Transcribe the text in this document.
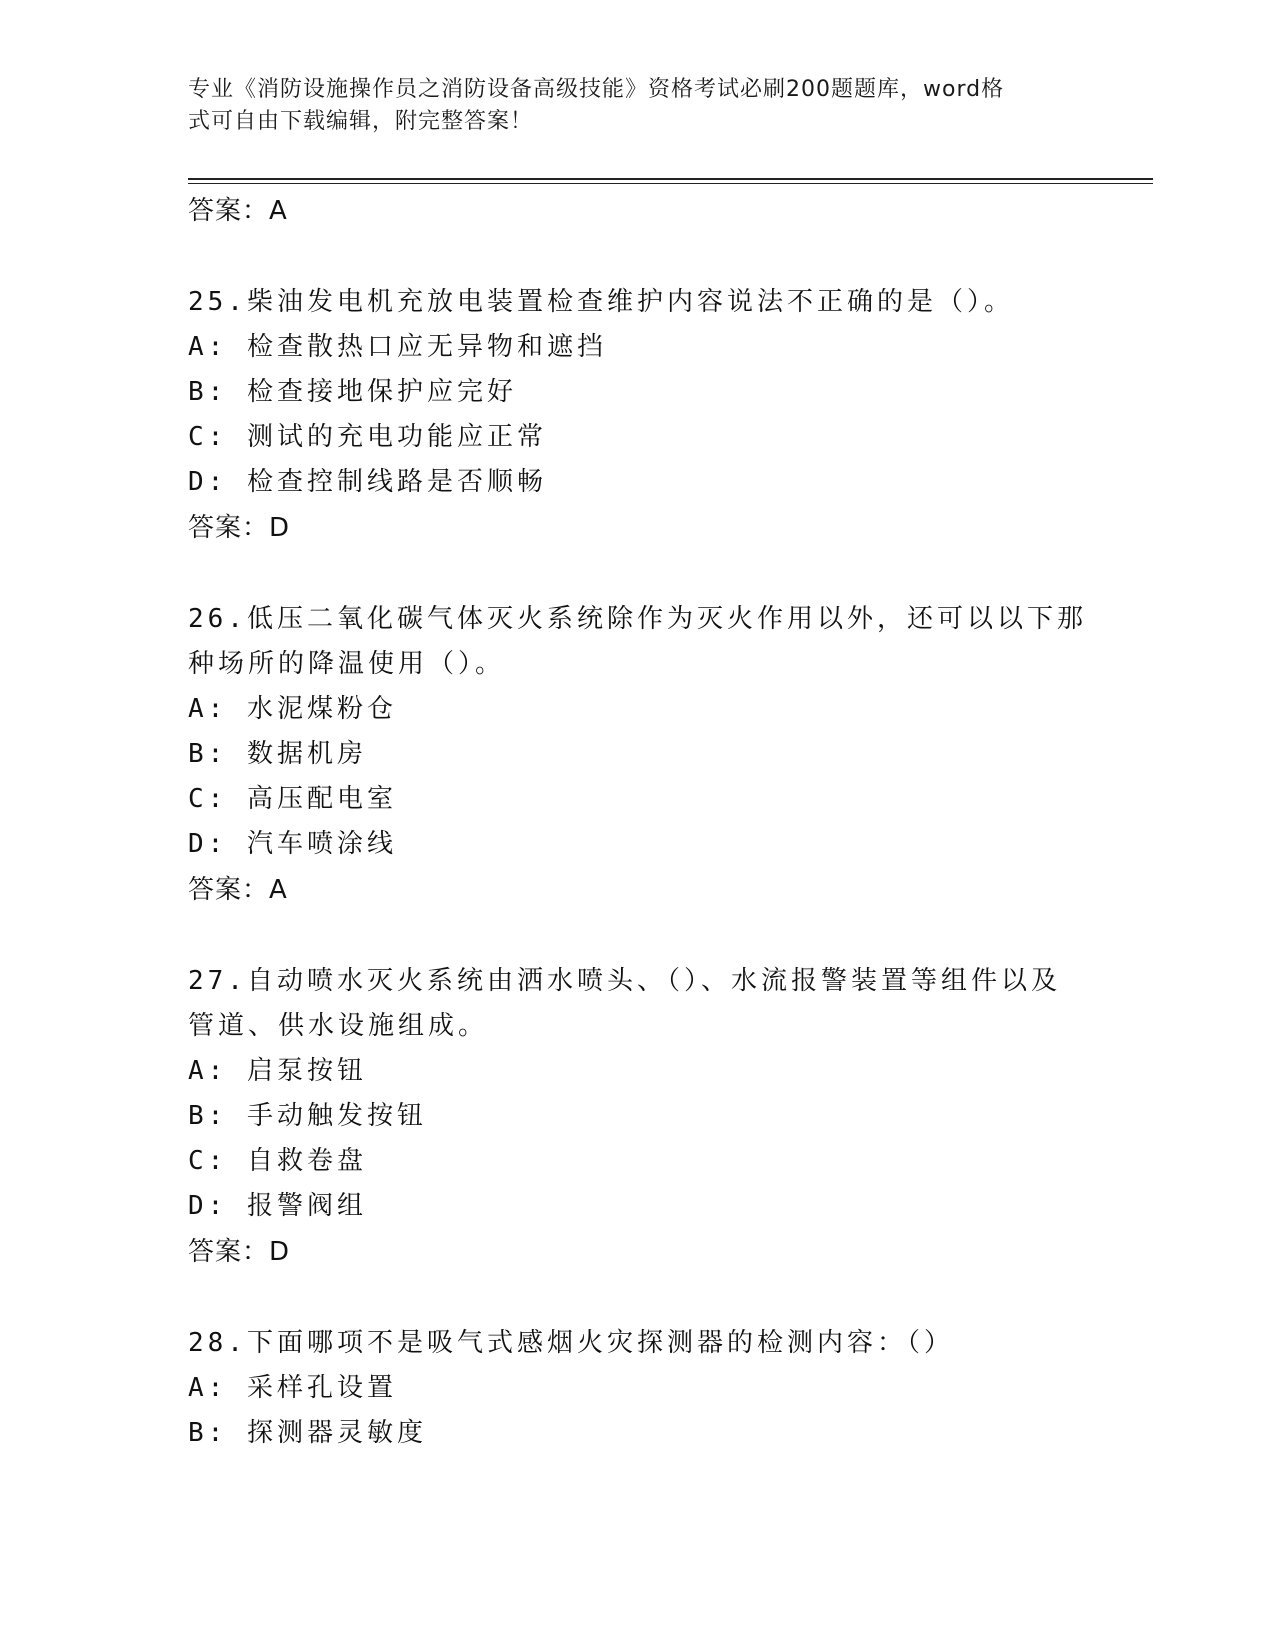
专业《消防设施操作员之消防设备高级技能》资格考试必刷200题题库，word格
式可自由下载编辑，附完整答案！
答案：A
25.柴油发电机充放电装置检查维护内容说法不正确的是（）。
A: 检查散热口应无异物和遮挡
B: 检查接地保护应完好
C: 测试的充电功能应正常
D: 检查控制线路是否顺畅
答案：D
26.低压二氧化碳气体灭火系统除作为灭火作用以外，还可以以下那种场所的降温使用（）。
A: 水泥煤粉仓
B: 数据机房
C: 高压配电室
D: 汽车喷涂线
答案：A
27.自动喷水灭火系统由洒水喷头、（）、水流报警装置等组件以及管道、供水设施组成。
A: 启泵按钮
B: 手动触发按钮
C: 自救卷盘
D: 报警阀组
答案：D
28.下面哪项不是吸气式感烟火灾探测器的检测内容：（）
A: 采样孔设置
B: 探测器灵敏度
